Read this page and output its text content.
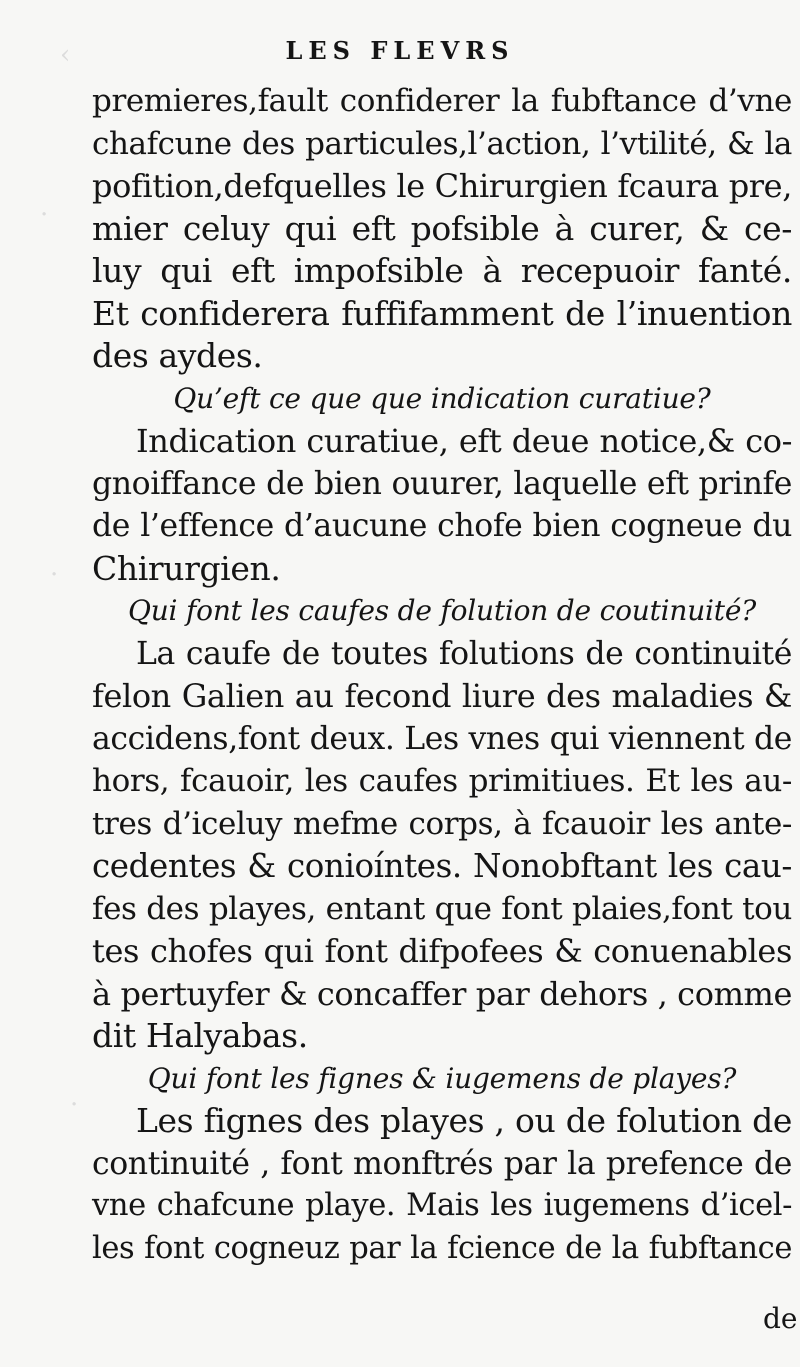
‹
·
·
·
LES FLEVRS
premieres,fault confiderer la fubftance d’vne
chafcune des particules,l’action, l’vtilité, & la
pofition,defquelles le Chirurgien fcaura pre,
mier celuy qui eft pofsible à curer, & ce-
luy qui eft impofsible à recepuoir fanté.
Et confiderera fuffifamment de l’inuention
des aydes.
Qu’eft ce que que indication curatiue?
Indication curatiue, eft deue notice,& co-
gnoiffance de bien ouurer, laquelle eft prinfe
de l’effence d’aucune chofe bien cogneue du
Chirurgien.
Qui font les caufes de folution de coutinuité?
La caufe de toutes folutions de continuité
felon Galien au fecond liure des maladies &
accidens,font deux. Les vnes qui viennent de
hors, fcauoir, les caufes primitiues. Et les au-
tres d’iceluy mefme corps, à fcauoir les ante-
cedentes & conioíntes. Nonobftant les cau-
fes des playes, entant que font plaies,font tou
tes chofes qui font difpofees & conuenables
à pertuyfer & concaffer par dehors , comme
dit Halyabas.
Qui font les fignes & iugemens de playes?
Les fignes des playes , ou de folution de
continuité , font monftrés par la prefence de
vne chafcune playe. Mais les iugemens d’icel-
les font cogneuz par la fcience de la fubftance
de
